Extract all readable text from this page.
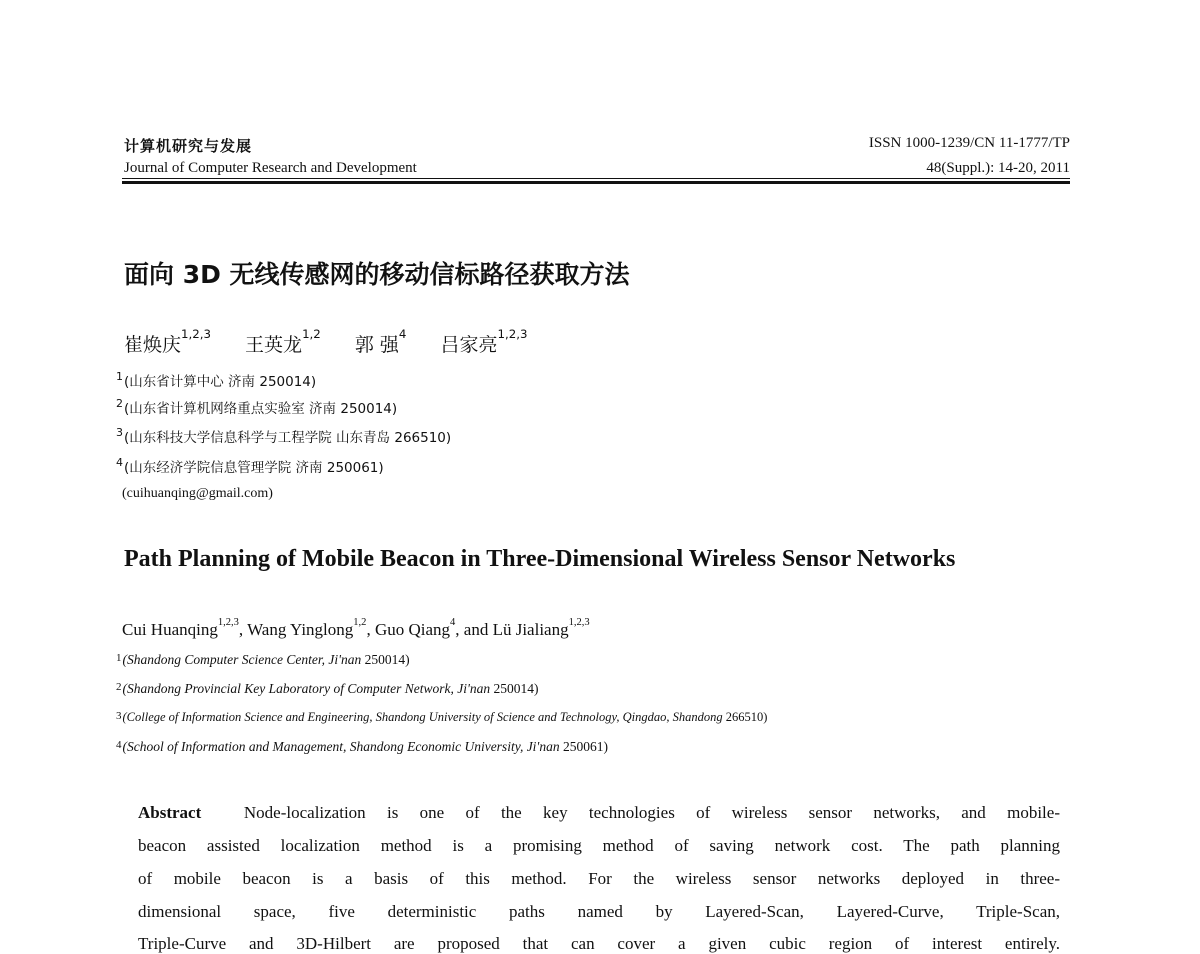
计算机研究与发展
Journal of Computer Research and Development
ISSN 1000-1239/CN 11-1777/TP
48(Suppl.): 14-20, 2011
面向 3D 无线传感网的移动信标路径获取方法
崔焕庆$^{1,2,3}$ 王英龙$^{1,2}$ 郭 强$^4$ 吕家亮$^{1,2,3}$
$^1$(山东省计算中心 济南 250014)
$^2$(山东省计算机网络重点实验室 济南 250014)
$^3$(山东科技大学信息科学与工程学院 山东青岛 266510)
$^4$(山东经济学院信息管理学院 济南 250061)
(cuihuanqing@gmail.com)
Path Planning of Mobile Beacon in Three-Dimensional Wireless Sensor Networks
Cui Huanqing$^{1,2,3}$, Wang Yinglong$^{1,2}$, Guo Qiang$^4$, and Lü Jialiang$^{1,2,3}$
$^1$(Shandong Computer Science Center, Ji'nan 250014)
$^2$(Shandong Provincial Key Laboratory of Computer Network, Ji'nan 250014)
3(College of Information Science and Engineering, Shandong University of Science and Technology, Qingdao, Shandong 266510)
$^4$(School of Information and Management, Shandong Economic University, Ji'nan 250061)
Abstract	Node-localization is one of the key technologies of wireless sensor networks, and mobile-
beacon assisted localization method is a promising method of saving network cost. The path planning
of mobile beacon is a basis of this method. For the wireless sensor networks deployed in three-
dimensional space, five deterministic paths named by Layered-Scan, Layered-Curve, Triple-Scan,
Triple-Curve and 3D-Hilbert are proposed that can cover a given cubic region of interest entirely.
